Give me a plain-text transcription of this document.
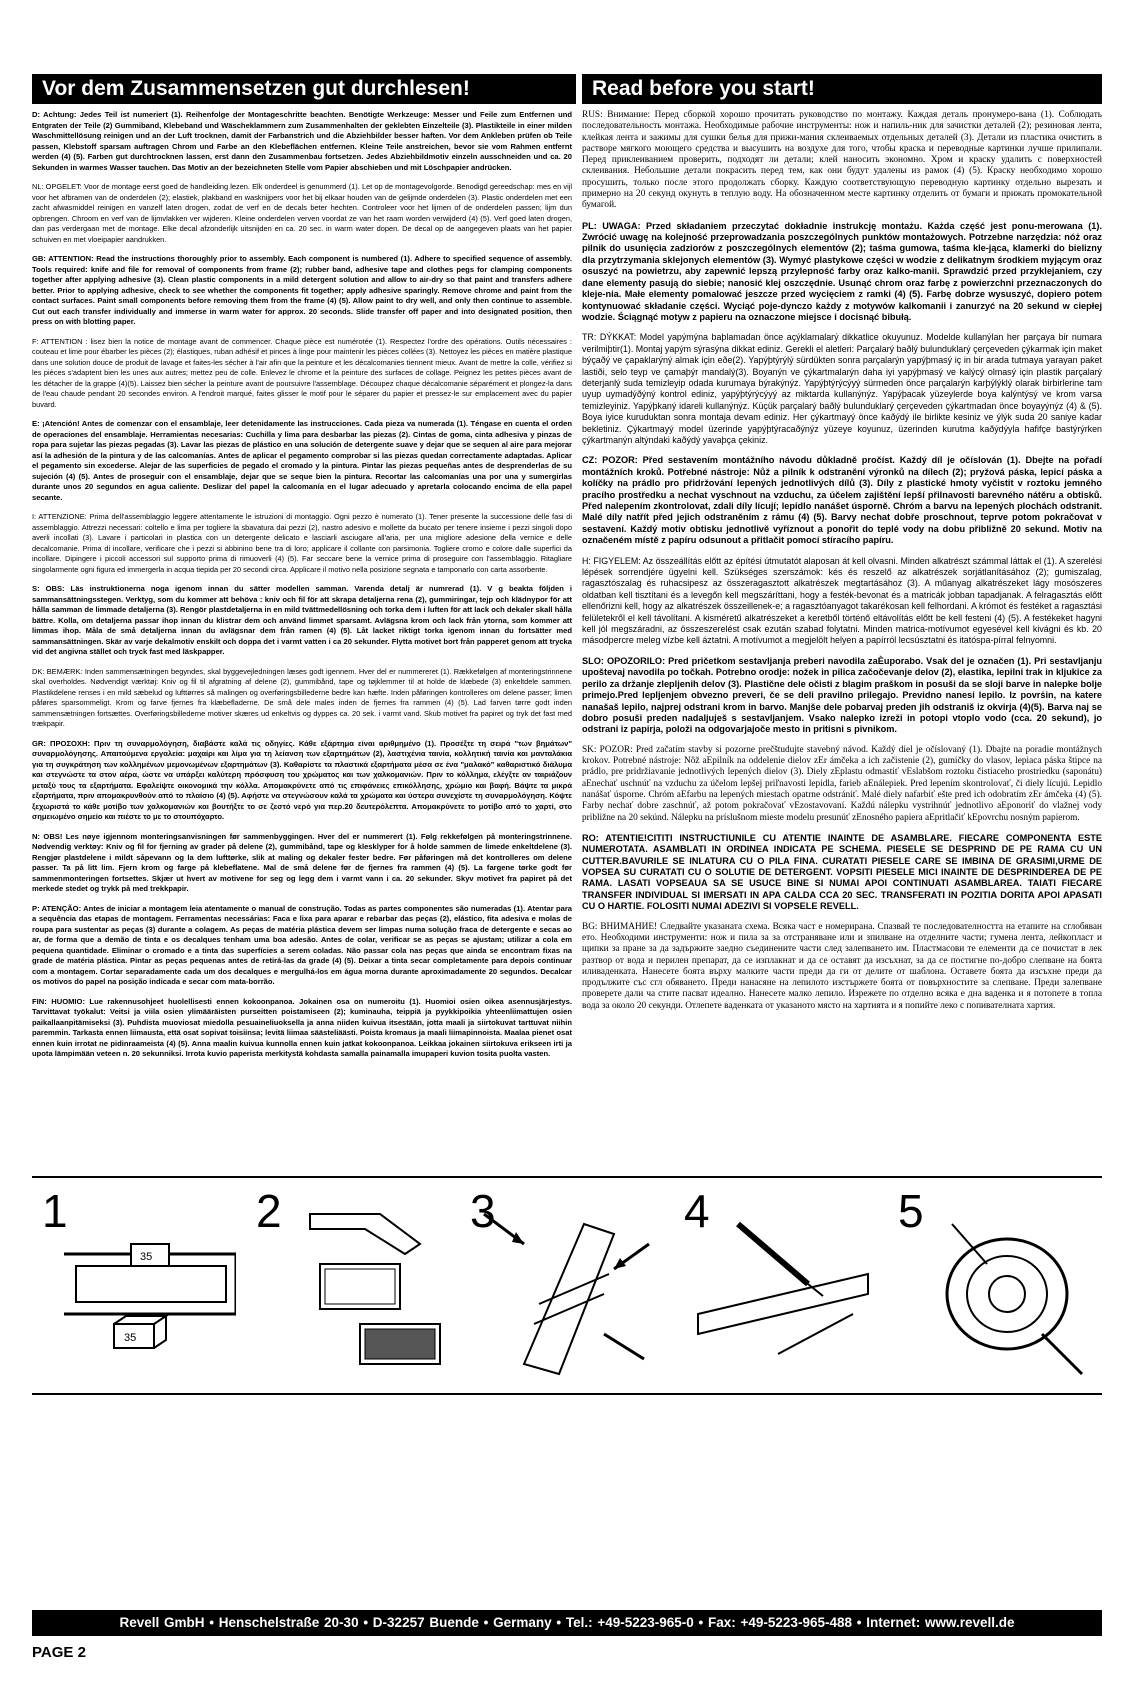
Vor dem Zusammensetzen gut durchlesen!	Read before you start!

D: Achtung: Jedes Teil ist numeriert (1). Reihenfolge der Montageschritte beachten. Benötigte Werkzeuge: Messer und Feile zum Entfernen und Entgraten der Teile (2) Gummiband, Klebeband und Wäscheklammern zum Zusammenhalten der geklebten Einzelteile (3). Plastikteile in einer milden Waschmittellösung reinigen und an der Luft trocknen, damit der Farbanstrich und die Abziehbilder besser haften. Vor dem Ankleben prüfen ob Teile passen, Klebstoff sparsam auftragen Chrom und Farbe an den Klebeflächen entfernen. Kleine Teile anstreichen, bevor sie vom Rahmen entfernt werden (4) (5). Farben gut durchtrocknen lassen, erst dann den Zusammenbau fortsetzen. Jedes Abziehbildmotiv einzeln ausschneiden und ca. 20 Sekunden in warmes Wasser tauchen. Das Motiv an der bezeichneten Stelle vom Papier abschieben und mit Löschpapier andrücken.

NL: OPGELET: Voor de montage eerst goed de handleiding lezen. Elk onderdeel is genummerd (1). Let op de montagevolgorde. Benodigd gereedschap: mes en vijl voor het afbramen van de onderdelen (2); elastiek, plakband en wasknijpers voor het bij elkaar houden van de gelijmde onderdelen (3). Plastic onderdelen met een zacht afwasmiddel reinigen en vanzelf laten drogen, zodat de verf en de decals beter hechten. Controleer voor het lijmen of de onderdelen passen; lijm dun opbrengen. Chroom en verf van de lijmvlakken ver wijderen. Kleine onderdelen verven voordat ze van het raam worden verwijderd (4) (5). Verf goed laten drogen, dan pas verdergaan met de montage. Elke decal afzonderlijk uitsnijden en ca. 20 sec. in warm water dopen. De decal op de aangegeven plaats van het papier schuiven en met vloeipapier aandrukken.

GB: ATTENTION: Read the instructions thoroughly prior to assembly. Each component is numbered (1). Adhere to specified sequence of assembly. Tools required: knife and file for removal of components from frame (2); rubber band, adhesive tape and clothes pegs for clamping components together after applying adhesive (3). Clean plastic components in a mild detergent solution and allow to air-dry so that paint and transfers adhere better. Prior to applying adhesive, check to see whether the components fit together; apply adhesive sparingly. Remove chrome and paint from the contact surfaces. Paint small components before removing them from the frame (4) (5). Allow paint to dry well, and only then continue to assemble. Cut out each transfer individually and immerse in warm water for approx. 20 seconds. Slide transfer off paper and into designated position, then press on with blotting paper.

F: ATTENTION : lisez bien la notice de montage avant de commencer. Chaque pièce est numérotée (1). Respectez l'ordre des opérations. Outils nécessaires : couteau et lime pour ébarber les pièces (2); élastiques, ruban adhésif et pinces à linge pour maintenir les pièces collées (3). Nettoyez les pièces en matière plastique dans une solution douce de produit de lavage et faites-les sécher à l'air afin que la peinture et les décalcomanies tiennent mieux. Avant de mettre la colle, vérifiez si les pièces s'adaptent bien les unes aux autres; mettez peu de colle. Enlevez le chrome et la peinture des surfaces de collage. Peignez les petites pièces avant de les détacher de la grappe (4)(5). Laissez bien sécher la peinture avant de poursuivre l'assemblage. Découpez chaque décalcomanie séparément et plongez-la dans de l'eau chaude pendant 20 secondes environ. A l'endroit marqué, faites glisser le motif pour le séparer du papier et pressez-le sur emplacement avec du papier buvard.

E: ¡Atención! Antes de comenzar con el ensamblaje, leer detenidamente las instrucciones. Cada pieza va numerada (1). Téngase en cuenta el orden de operaciones del ensamblaje. Herramientas necesarias: Cuchilla y lima para desbarbar las piezas (2). Cintas de goma, cinta adhesiva y pinzas de ropa para sujetar las piezas pegadas (3). Lavar las piezas de plástico en una solución de detergente suave y dejar que se sequen al aire para mejorar así la adhesión de la pintura y de las calcomanías. Antes de aplicar el pegamento comprobar si las piezas quedan correctamente adaptadas. Aplicar el pegamento sin excederse. Alejar de las superficies de pegado el cromado y la pintura. Pintar las piezas pequeñas antes de desprenderlas de su sujeción (4) (5). Antes de proseguir con el ensamblaje, dejar que se seque bien la pintura. Recortar las calcomanías una por una y sumergirlas durante unos 20 segundos en agua caliente. Deslizar del papel la calcomanía en el lugar adecuado y apretarla colocando encima de ella papel secante.

I: ATTENZIONE: Prima dell'assemblaggio leggere attentamente le istruzioni di montaggio. Ogni pezzo è numerato (1). Tener presente la successione delle fasi di assemblaggio. Attrezzi necessari: coltello e lima per togliere la sbavatura dai pezzi (2), nastro adesivo e mollette da bucato per tenere insieme i pezzi singoli dopo averli incollati (3). Lavare i particolari in plastica con un detergente delicato e lasciarli asciugare all'aria, per una migliore adesione della vernice e delle decalcomanie. Prima di incollare, verificare che i pezzi si abbinino bene tra di loro; applicare il collante con parsimonia. Togliere cromo e colore dalle superfici da incollare. Dipingere i piccoli accessori sul supporto prima di rimuoverli (4) (5). Far seccare bene la vernice prima di proseguire con l'assemblaggio. Ritagliare singolarmente ogni figura ed immergerla in acqua tiepida per 20 secondi circa. Applicare il motivo nella posizione segnata e tamponarlo con carta assorbente.

S: OBS: Läs instruktionerna noga igenom innan du sätter modellen samman. Varenda detalj är numrerad (1). V g beakta följden i sammansättningsstegen. Verktyg, som du kommer att behöva : kniv och fil för att skrapa detaljerna rena (2), gummiringar, tejp och klädnypor för att hålla samman de limmade detaljerna (3). Rengör plastdetaljerna in en mild tvättmedellösning och torka dem i luften för att lack och dekaler skall hålla bättre. Kolla, om detaljerna passar ihop innan du klistrar dem och använd limmet sparsamt. Avlägsna krom och lack från ytorna, som kommer att limmas ihop. Måla de små detaljerna innan du avlägsnar dem från ramen (4) (5). Låt lacket riktigt torka igenom innan du fortsätter med sammansättningen. Skär av varje dekalmotiv enskilt och doppa det i varmt vatten i ca 20 sekunder. Flytta motivet bort från papperet genom att trycka vid det angivna stället och tryck fast med läskpapper.

DK: BEMÆRK: Inden sammensætningen begyndes, skal byggevejledningen læses godt igennem. Hver del er nummereret (1). Rækkefølgen af monteringstrinnene skal overholdes. Nødvendigt værktøj: Kniv og fil til afgratning af delene (2), gummibånd, tape og tøjklemmer til at holde de klæbede (3) enkeltdele sammen. Plastikdelene renses i en mild sæbelud og lufttørres så malingen og overføringsbillederne bedre kan hæfte. Inden påføringen kontrolleres om delene passer; limen påføres sparsommeligt. Krom og farve fjernes fra klæbefladerne. De små dele males inden de fjernes fra rammen (4) (5). Lad farven tørre godt inden sammensætningen fortsættes. Overføringsbillederne motiver skæres ud enkeltvis og dyppes ca. 20 sek. i varmt vand. Skub motivet fra papiret og tryk det fast med trækpapir.

GR: ΠΡΟΣΟΧΗ: Πριν τη συναρμολόγηση, διαβάστε καλά τις οδηγίες. Κάθε εξάρτημα είναι αριθμημένο (1). Προσέξτε τη σειρά "των βημάτων" συναρμολόγησης. Απαιτούμενα εργαλεία: μαχαίρι και λίμα για τη λείανση των εξαρτημάτων (2), λαστιχένια ταινία, κολλητική ταινία και μανταλάκια για τη συγκράτηση των κολλημένων μεμονωμένων εξαρτημάτων (3). Καθαρίστε τα πλαστικά εξαρτήματα μέσα σε ένα "μαλακό" καθαριστικό διάλυμα και στεγνώστε τα στον αέρα, ώστε να υπάρξει καλύτερη πρόσφυση του χρώματος και των χαλκομανιών. Πριν το κόλλημα, ελέγξτε αν ταιριάζουν μεταξύ τους τα εξαρτήματα. Εφαλείψτε οικονομικά την κόλλα. Απομακρύνετε από τις επιφάνειες επικόλλησης, χρώμιο και βαφή. Βάψτε τα μικρά εξαρτήματα, πριν απομακρυνθούν από το πλαίσιο (4) (5). Αφήστε να στεγνώσουν καλά τα χρώματα και ύστερα συνεχίστε τη συναρμολόγηση. Κόψτε ξεχωριστά το κάθε μοτίβο των χαλκομανιών και βουτήξτε το σε ζεστό νερό για περ.20 δευτερόλεπτα. Απομακρύνετε το μοτίβο από το χαρτί, στο σημειωμένο σημείο και πιέστε το με το στουπόχαρτο.

N: OBS! Les nøye igjennom monteringsanvisningen før sammenbyggingen. Hver del er nummerert (1). Følg rekkefølgen på monteringstrinnene. Nødvendig verktøy: Kniv og fil for fjerning av grader på delene (2), gummibånd, tape og klesklyper for å holde sammen de limede enkeltdelene (3). Rengjør plastdelene i mildt såpevann og la dem lufttørke, slik at maling og dekaler fester bedre. Før påføringen må det kontrolleres om delene passer. Ta på litt lim. Fjern krom og farge på klebeflatene. Mal de små delene før de fjernes fra rammen (4) (5). La fargene tørke godt før sammenmonteringen fortsettes. Skjær ut hvert av motivene for seg og legg dem i varmt vann i ca. 20 sekunder. Skyv motivet fra papiret på det merkede stedet og trykk på med trekkpapir.

P: ATENÇÃO: Antes de iniciar a montagem leia atentamente o manual de construção. Todas as partes componentes são numeradas (1). Atentar para a sequência das etapas de montagem. Ferramentas necessárias: Faca e lixa para aparar e rebarbar das peças (2), elástico, fita adesiva e molas de roupa para sustentar as peças (3) durante a colagem. As peças de matéria plástica devem ser limpas numa solução fraca de detergente e secas ao ar, de forma que a demão de tinta e os decalques tenham uma boa adesão. Antes de colar, verificar se as peças se ajustam; utilizar a cola em pequena quantidade. Eliminar o cromado e a tinta das superfícies a serem coladas. Não passar cola nas peças que ainda se encontram fixas na grade de matéria plástica. Pintar as peças pequenas antes de retirá-las da grade (4) (5). Deixar a tinta secar completamente para depois continuar com a montagem. Cortar separadamente cada um dos decalques e mergulhá-los em água morna durante aproximadamente 20 segundos. Decalcar os motivos do papel na posição indicada e secar com mata-borrão.

FIN: HUOMIO: Lue rakennusohjeet huolellisesti ennen kokoonpanoa. Jokainen osa on numeroitu (1). Huomioi osien oikea asennusjärjestys. Tarvittavat työkalut: Veitsi ja viila osien ylimääräisten purseitten poistamiseen (2); kuminauha, teippiä ja pyykkipoikia yhteenliimattujen osien paikallaanpitämiseksi (3). Puhdista muoviosat miedolla pesuaineliuoksella ja anna niiden kuivua itsestään, jotta maali ja siirtokuvat tarttuvat niihin paremmin. Tarkasta ennen liimausta, että osat sopivat toisiinsa; levitä liimaa säästeliäästi. Poista kromaus ja maali liimapinnoista. Maalaa pienet osat ennen kuin irrotat ne pidinraameista (4) (5). Anna maalin kuivua kunnolla ennen kuin jatkat kokoonpanoa. Leikkaa jokainen siirtokuva erikseen irti ja upota lämpimään veteen n. 20 sekunniksi. Irrota kuvio paperista merkitystä kohdasta samalla painamalla imupaperi kuvion tosita puolta vasten.

RUS: Внимание: Перед сборкой хорошо прочитать руководство по монтажу. Каждая деталь пронумеро-вана (1). Соблюдать последовательность монтажа. Необходимые рабочие инструменты: нож и напиль-ник для зачистки деталей (2); резиновая лента, клейкая лента и зажимы для сушки белья для прижи-мания склеиваемых отдельных деталей (3). Детали из пластика очистить в растворе мягкого моющего средства и высушить на воздухе для того, чтобы краска и переводные картинки лучше прилипали. Перед приклеиванием проверить, подходят ли детали; клей наносить экономно. Хром и краску удалить с поверхностей склеивания. Небольшие детали покрасить перед тем, как они будут удалены из рамок (4) (5). Краску необходимо хорошо просушить, только после этого продолжать сборку. Каждую соответствующую переводную картинку отдельно вырезать и примерно на 20 секунд окунуть в теплую воду. На обозначенном месте картинку отделить от бумаги и прижать промокательной бумагой.

PL: UWAGA: Przed składaniem przeczytać dokładnie instrukcję montażu. Każda część jest ponu-merowana (1). Zwrócić uwagę na kolejność przeprowadzania poszczególnych punktów montażowych. Potrzebne narzędzia: nóż oraz pilnik do usunięcia zadziorów z poszczególnych elementów (2); taśma gumowa, taśma kle-jąca, klamerki do bielizny dla przytrzymania sklejonych elementów (3). Wymyć plastykowe części w wodzie z delikatnym środkiem myjącym oraz osuszyć na powietrzu, aby zapewnić lepszą przylepność farby oraz kalko-manii. Sprawdzić przed przyklejaniem, czy dane elementy pasują do siebie; nanosić klej oszczędnie. Usunąć chrom oraz farbę z powierzchni przeznaczonych do kleje-nia. Małe elementy pomalować jeszcze przed wycięciem z ramki (4) (5). Farbę dobrze wysuszyć, dopiero potem kontynuować składanie części. Wyciąć poje-dynczo każdy z motywów kalkomanii i zanurzyć na 20 sekund w ciepłej wodzie. Ściągnąć motyw z papieru na oznaczone miejsce i docisnąć bibułą.

TR: DÝKKAT: Model yapýmýna baþlamadan önce açýklamalarý dikkatlice okuyunuz. Modelde kullanýlan her parçaya bir numara verilmiþtir(1). Montaj yapým sýrasýna dikkat ediniz. Gerekli el aletleri: Parçalarý baðlý bulunduklarý çerçeveden çýkarmak için maket býçaðý ve çapaklarýný almak için eðe(2). Yapýþtýrýlý sürdükten sonra parçalarýn yapýþmasý iç in bir arada tutmaya yarayan paket lastiði, selo teyp ve çamaþýr mandalý(3). Boyanýn ve çýkartmalarýn daha iyi yapýþmasý ve kalýcý olmasý için plastik parçalarý deterjanlý suda temizleyip odada kurumaya býrakýnýz. Yapýþtýrýcýyý sürmeden önce parçalarýn karþýlýklý olarak birbirlerine tam uyup uymadýðýný kontrol ediniz, yapýþtýrýcýyý az miktarda kullanýnýz. Yapýþacak yüzeylerde boya kalýntýsý ve krom varsa temizleyiniz. Yapýþkaný idareli kullanýnýz. Küçük parçalarý baðlý bulunduklarý çerçeveden çýkartmadan önce boyayýnýz (4) & (5). Boya iyice kuruduktan sonra montaja devam ediniz. Her çýkartmayý önce kaðýdý ile birlikte kesiniz ve ýlýk suda 20 saniye kadar bekletiniz. Çýkartmayý model üzerinde yapýþtýracaðýnýz yüzeye koyunuz, üzerinden kurutma kaðýdýyla hafifçe bastýrýrken çýkartmanýn altýndaki kaðýdý yavaþça çekiniz.

CZ: POZOR: Před sestavením montážního návodu důkladně pročíst. Každý díl je očíslován (1). Dbejte na pořadí montážních kroků. Potřebné nástroje: Nůž a pilník k odstranění výronků na dílech (2); pryžová páska, lepicí páska a kolíčky na prádlo pro přidržování lepených jednotlivých dílů (3). Díly z plastické hmoty vyčistit v roztoku jemného pracího prostředku a nechat vyschnout na vzduchu, za účelem zajištění lepší přilnavosti barevného nátěru a obtisků. Před nalepením zkontrolovat, zdali díly lícují; lepidlo nanášet úsporně. Chróm a barvu na lepených plochách odstranit. Malé díly natřít před jejich odstraněním z rámu (4) (5). Barvy nechat dobře proschnout, teprve potom pokračovat v sestavení. Každý motiv obtisku jednotlivě vyříznout a ponořit do teplé vody na dobu přibližně 20 sekund. Motiv na označeném místě z papíru odsunout a přitlačit pomocí stíracího papíru.

H: FIGYELEM: Az összeállítás előtt az építési útmutatót alaposan át kell olvasni. Minden alkatrészt számmal láttak el (1). A szerelési lépések sorrendjére ügyelni kell. Szükséges szerszámok: kés és reszelő az alkatrészek sorjátlanításához (2); gumiszalag, ragasztószalag és ruhacsipesz az összeragasztott alkatrészek megtartásához (3). A műanyag alkatrészeket lágy mosószeres oldatban kell tisztítani és a levegőn kell megszáríttani, hogy a festék-bevonat és a matricák jobban tapadjanak. A felragasztás előtt ellenőrizni kell, hogy az alkatrészek összeillenek-e; a ragasztóanyagot takarékosan kell felhordani. A krómot és festéket a ragasztási felületekről el kell távolítani. A kisméretű alkatrészeket a keretből történő eltávolítás előtt be kell festeni (4) (5). A festékeket hagyni kell jól megszáradni, az összeszerelést csak ezután szabad folytatni. Minden matrica-motívumot egyesével kell kivágni és kb. 20 másodpercre meleg vízbe kell áztatni. A motívumot a megjelölt helyen a papírról lecsúsztatni és itatóspa-pírral felnyomni.

SLO: OPOZORILO: Pred pričetkom sestavljanja preberi navodila zaÈuporabo. Vsak del je označen (1). Pri sestavljanju upoštevaj navodila po točkah. Potrebno orodje: nožek in pilica začočevanje delov (2), elastika, lepilni trak in kljukice za perilo za držanje zlepljenih delov (3). Plastične dele očisti z blagim praškom in posuši da se sloji barve in nalepke bolje primejo.Pred lepljenjem obvezno preveri, če se deli pravilno prilegajo. Previdno nanesi lepilo. Iz povrṡin, na katere nanašaš lepilo, najprej odstrani krom in barvo. Manjše dele pobarvaj preden jih odstraniš iz okvirja (4)(5). Barva naj se dobro posuši preden nadaljuješ s sestavljanjem. Vsako nalepko izreži in potopi vtoplo vodo (cca. 20 sekund), jo odstrani iz papirja, položi na odgovarjajoče mesto in pritisni s pivnikom.

SK: POZOR: Pred začatím stavby si pozorne prečštudujte stavebný návod. Každý diel je očíslovaný (1). Dbajte na poradie montážnych krokov. Potrebné nástroje: Nôž aEpilník na oddelenie dielov zEr ámčeka a ich začistenie (2), gumičky do vlasov, lepiaca páska štipce na prádlo, pre pridržiavanie jednotlivých lepených dielov (3). Diely zEplastu odmastiť vEslabšom roztoku čistiaceho prostriedku (saponátu) aEnechať uschnúť na vzduchu za účelom lepšej priľnavosti lepidla, farieb aEnálepiek. Pred lepením skontrolovať, či diely lícujú. Lepidlo nanášať úsporne. Chróm aEfarbu na lepených miestach opatrne odstrániť. Malé diely nafarbiť ešte pred ich odobratím zEr ámčeka (4) (5). Farby nechať dobre zaschnúť, až potom pokračovať vEzostavovaní. Každú nálepku vystrihnúť jednotlivo aEponoriť do vlažnej vody približne na 20 sekúnd. Nálepku na príslušnom mieste modelu presunúť zEnosného papiera aEpritlačiť kEpovrchu nosným papierom.

RO: ATENTIE!CITITI INSTRUCTIUNILE CU ATENTIE INAINTE DE ASAMBLARE. FIECARE COMPONENTA ESTE NUMEROTATA. ASAMBLATI IN ORDINEA INDICATA PE SCHEMA. PIESELE SE DESPRIND DE PE RAMA CU UN CUTTER.BAVURILE SE INLATURA CU O PILA FINA. CURATATI PIESELE CARE SE IMBINA DE GRASIMI,URME DE VOPSEA SU CURATATI CU O SOLUTIE DE DETERGENT. VOPSITI PIESELE MICI INAINTE DE DESPRINDEREA DE PE RAMA. LASATI VOPSEAUA SA SE USUCE BINE SI NUMAI APOI CONTINUATI ASAMBLAREA. TAIATI FIECARE TRANSFER INDIVIDUAL SI IMERSATI IN APA CALDA CCA 20 SEC. TRANSFERATI IN POZITIA DORITA APOI APASATI CU O HARTIE. FOLOSITI NUMAI ADEZIVI SI VOPSELE REVELL.

BG: ВНИМАНИЕ! Следвайте указаната схема. Всяка част е номерирана. Спазвай те последователността на етапите на сглобяван ето. Необходими инструменти: нож и пила за за отстраняване или и зпилване на отделните части; гумена лента, лейкопласт и щипки за пране за да задържите заедно съединените части след залепването им. Пластмасови те елементи да се почистат в лек разтвор от вода и перилен препарат, да се изплакнат и да се оставят да изсъхнат, за да се постигне по-добро слепване на боята иливаденката. Нанесете боята върху малките части преди да ги от делите от шаблона. Оставете боята да изсъхне преди да продължите със сгл обяването. Преди нанасяне на лепилото изстържете боята от повърхностите за слепване. Преди залепване проверете дали ча стите пасват идеално. Нанесете малко лепило. Изрежете по отделно всяка е дна ваденка и я потопете в топла вода за около 20 секунди. Отлепете ваденката от указаното място на хартията и я попийте леко с попивателната хартия.

35
35
1	2	3	4	5
Revell GmbH • Henschelstraße 20-30 • D-32257 Buende • Germany • Tel.: +49-5223-965-0 • Fax: +49-5223-965-488 • Internet: www.revell.de
PAGE 2
